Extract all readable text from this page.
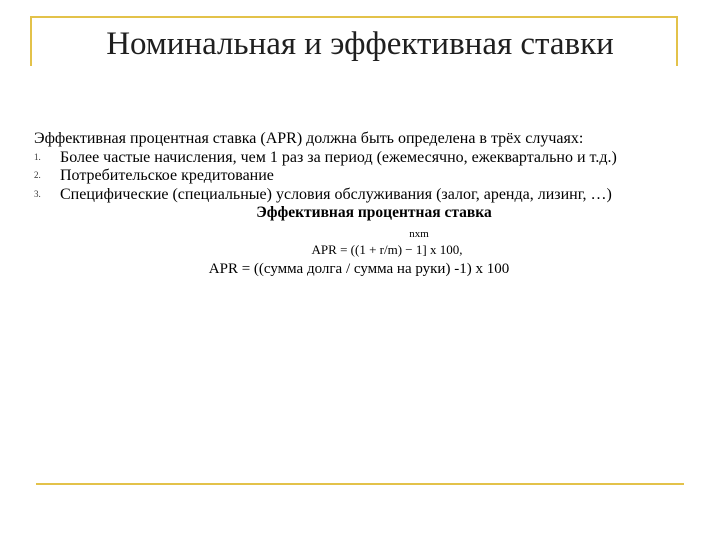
Номинальная и эффективная ставки

Эффективная процентная ставка (APR) должна быть определена в трёх случаях:

1. Более частые начисления, чем 1 раз за период (ежемесячно, ежеквартально и т.д.)
2. Потребительское кредитование
3. Специфические (специальные) условия обслуживания (залог, аренда, лизинг, …)
Эффективная процентная ставка
nxm
APR = ((1 + r/m) − 1] x 100,
APR = ((сумма долга / сумма на руки) -1) х 100
